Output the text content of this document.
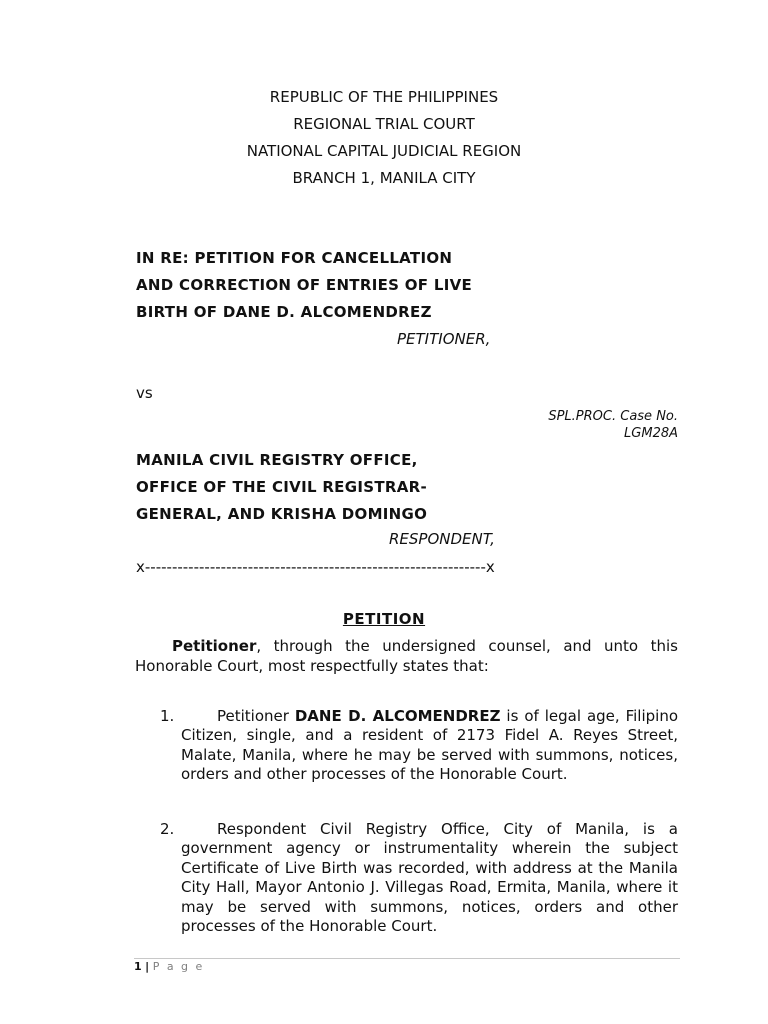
REPUBLIC OF THE PHILIPPINES
REGIONAL TRIAL COURT
NATIONAL CAPITAL JUDICIAL REGION
BRANCH 1, MANILA CITY
IN RE: PETITION FOR CANCELLATION
AND CORRECTION OF ENTRIES OF LIVE
BIRTH OF DANE D. ALCOMENDREZ
PETITIONER,
vs
SPL.PROC. Case No.
LGM28A
MANILA CIVIL REGISTRY OFFICE,
OFFICE OF THE CIVIL REGISTRAR-
GENERAL, AND KRISHA DOMINGO
RESPONDENT,
x---------------------------------------------------------------x
PETITION
Petitioner, through the undersigned counsel, and unto this Honorable Court, most respectfully states that:
1.	Petitioner DANE D. ALCOMENDREZ is of legal age, Filipino Citizen, single, and a resident of 2173 Fidel A. Reyes Street, Malate, Manila, where he may be served with summons, notices, orders and other processes of the Honorable Court.
2.	Respondent Civil Registry Office, City of Manila, is a government agency or instrumentality wherein the subject Certificate of Live Birth was recorded, with address at the Manila City Hall, Mayor Antonio J. Villegas Road, Ermita, Manila, where it may be served with summons, notices, orders and other processes of the Honorable Court.
1 | P a g e
